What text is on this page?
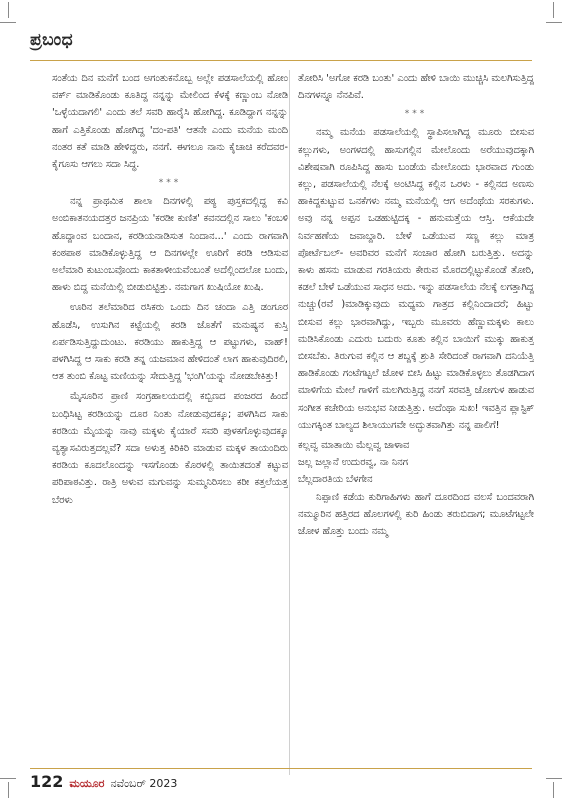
ಪ್ರಬಂಧ

ಸಂತೆಯ ದಿನ ಮನೆಗೆ ಬಂದ ಅಗಂತುಕನೊಬ್ಬ ಅಲ್ಲೇ ಪಡಸಾಲೆಯಲ್ಲಿ ಹೋಂ ವರ್ಕ್ ಮಾಡಿಕೊಂಡು ಕೂತಿದ್ದ ನನ್ನನ್ನು ಮೇಲಿಂದ ಕೆಳಕ್ಕೆ ಕಣ್ಣುಂಬ ನೋಡಿ 'ಒಳ್ಳೆಯದಾಗಲಿ' ಎಂದು ತಲೆ ಸವರಿ ಹಾರೈಸಿ ಹೋಗಿದ್ದ. ಕೂಡಿದ್ದಾಗ ನನ್ನನ್ನು ಹಾಗೆ ಎತ್ತಿಕೊಂಡು ಹೋಗಿದ್ದ 'ದಂ-ಪತಿ' ಆತನೇ ಎಂದು ಮನೆಯ ಮಂದಿ ನಂತರ ಕತೆ ಮಾಡಿ ಹೇಳಿದ್ದರು, ನನಗೆ. ಈಗಲೂ ನಾನು ಕೈಚಾಚಿ ಕರೆದವರ- ಕೈಗೂಸು ಆಗಲು ಸದಾ ಸಿದ್ಧ.

***

ನನ್ನ ಪ್ರಾಥಮಿಕ ಶಾಲಾ ದಿನಗಳಲ್ಲಿ ಪಠ್ಯ ಪುಸ್ತಕದಲ್ಲಿದ್ದ ಕವಿ ಅಂಬಿಕಾತನಯದತ್ತರ ಜನಪ್ರಿಯ 'ಕರಡೀ ಕುಣಿತ' ಕವನದಲ್ಲಿನ ಸಾಲು 'ಕಂಬಳಿ ಹೊದ್ದಾಂವ ಬಂದಾನ, ಕರಡಿಯನಾಡಿಸುತ ನಿಂದಾನ...' ಎಂದು ರಾಗವಾಗಿ ಕಂಠಪಾಠ ಮಾಡಿಕೊಳ್ಳುತ್ತಿದ್ದ ಆ ದಿನಗಳಲ್ಲೇ ಊರಿಗೆ ಕರಡಿ ಆಡಿಸುವ ಅಲೆಮಾರಿ ಕುಟುಂಬವೊಂದು ಕಾಕತಾಳೀಯವೆಂಬಂತೆ ಅದೆಲ್ಲಿಂದಲೋ ಬಂದು, ಹಾಳು ಬಿದ್ದ ಮನೆಯಿಲ್ಲಿ ಬೀಡುಬಿಟ್ಟಿತ್ತು. ನಮಗಾಗ ಖುಷಿಯೋ ಖುಷಿ.

ಊರಿನ ತಲೆಮಾರಿದ ರಸಿಕರು ಒಂದು ದಿನ ಚಂದಾ ಎತ್ತಿ ಡಂಗೂರ ಹೊಡೆಸಿ, ಉಸುಗಿನ ಕಟ್ಟೆಯಲ್ಲಿ ಕರಡಿ ಜೊತೆಗೆ ಮನುಷ್ಯನ ಕುಸ್ತಿ ಏರ್ಪಡಿಸುತ್ತಿದ್ದುದುಂಟು. ಕರಡಿಯು ಹಾಕುತ್ತಿದ್ದ ಆ ಪಟ್ಟುಗಳು, ವಾಹ್! ಪಳಗಿಸಿದ್ದ ಆ ಸಾಕು ಕರಡಿ ತನ್ನ ಯಜಮಾನ ಹೇಳಿದಂತೆ ಲಾಗ ಹಾಕುವುದಿರಲಿ, ಆತ ತುಂಬಿ ಕೊಟ್ಟ ಮಣಿಯನ್ನು ಸೇದುತ್ತಿದ್ದ 'ಭಂಗಿ'ಯನ್ನು ನೋಡಬೇಕಿತ್ತು!

ಮೈಸೂರಿನ ಪ್ರಾಣಿ ಸಂಗ್ರಹಾಲಯದಲ್ಲಿ ಕಬ್ಬಿಣದ ಪಂಜರದ ಹಿಂದೆ ಬಂಧಿಸಿಟ್ಟ ಕರಡಿಯನ್ನು ದೂರ ನಿಂತು ನೋಡುವುದಕ್ಕೂ; ಪಳಗಿಸಿದ ಸಾಕು ಕರಡಿಯ ಮೈಯನ್ನು ನಾವು ಮಕ್ಕಳು ಕೈಯಾರೆ ಸವರಿ ಪುಳಕಗೊಳ್ಳುವುದಕ್ಕೂ ವ್ಯತ್ಯಾಸವಿರುತ್ತದಲ್ಲವೆ? ಸದಾ ಅಳುತ್ತ ಕಿರಿಕಿರಿ ಮಾಡುವ ಮಕ್ಕಳ ತಾಯಂದಿರು ಕರಡಿಯ ಕೂದಲೊಂದನ್ನು ಇಸಗೊಂಡು ಕೊರಳಲ್ಲಿ ತಾಯಿತದಂತೆ ಕಟ್ಟುವ ಪರಿಪಾಠವಿತ್ತು. ರಾತ್ರಿ ಅಳುವ ಮಗುವನ್ನು ಸುಮ್ಮನಿರಿಸಲು ಕರೀ ಕತ್ತಲೆಯತ್ತ ಬೆರಳು

ತೋರಿಸಿ 'ಅಗೋ ಕರಡಿ ಬಂತು' ಎಂದು ಹೇಳಿ ಬಾಯಿ ಮುಚ್ಚಿಸಿ ಮಲಗಿಸುತ್ತಿದ್ದ ದಿನಗಳನ್ನೂ ನೆನಪಿವೆ.

***

ನಮ್ಮ ಮನೆಯ ಪಡಸಾಲೆಯಲ್ಲಿ ಸ್ಥಾಪಿಸಲಾಗಿದ್ದ ಮೂರು ಬೀಸುವ ಕಲ್ಲುಗಳು, ಅಂಗಳದಲ್ಲಿ ಹಾಸುಗಲ್ಲಿನ ಮೇಲೊಂದು ಅರೆಯುವುದಕ್ಕಾಗಿ ವಿಶೇಷವಾಗಿ ರೂಪಿಸಿದ್ದ ಹಾಸು ಬಂಡೆಯ ಮೇಲೊಂದು ಭಾರವಾದ ಗುಂಡು ಕಲ್ಲು, ಪಡಸಾಲೆಯಲ್ಲಿ ನೆಲಕ್ಕೆ ಅಂಟಿಸಿದ್ದ ಕಲ್ಲಿನ ಒರಳು - ಕಲ್ಲಿನದ ಅಣಸು ಹಾಕಿದ್ದಕುಟ್ಟುವ ಒನಕೆಗಳು ನಮ್ಮ ಮನೆಯಲ್ಲಿ ಆಗ ಅದೆಂಥೆಯ ಸರಕುಗಳು. ಅವು ನನ್ನ ಅಪ್ಪನ ಒಡಹುಟ್ಟಿದಕ್ಕ - ಹನುಮತ್ತೆಯ ಆಸ್ತಿ. ಆಕೆಯದೇ ನಿರ್ವಹಣೆಯ ಜವಾಬ್ದಾರಿ. ಬೇಳೆ ಒಡೆಯುವ ಸಣ್ಣ ಕಲ್ಲು ಮಾತ್ರ ಪೋರ್ಟೆಬಲ್- ಅವರಿವರ ಮನೆಗೆ ಸಂಚಾರ ಹೋಗಿ ಬರುತ್ತಿತ್ತು. ಅದನ್ನು ಕಾಳು ಹಸನು ಮಾಡುವ ಗರತಿಯರು ಕೇರುವ ಮೊರದಲ್ಲಿಟ್ಟುಕೊಂಡೆ ತೋರಿ, ಕಡಲೆ ಬೇಳೆ ಒಡೆಯುವ ಸಾಧನ ಅದು. ಇನ್ನು ಪಡಸಾಲೆಯ ನೆಲಕ್ಕೆ ಲಗತ್ತಾಗಿದ್ದ ನುಚ್ಚು(ರವೆ )ಮಾಡಿಕ್ಕುವುದು ಮಧ್ಯಮ ಗಾತ್ರದ ಕಲ್ಲಿನಿಂದಾದರೆ; ಹಿಟ್ಟು ಬೀಸುವ ಕಲ್ಲು ಭಾರವಾಗಿದ್ದು, ಇಬ್ಬರು ಮೂವರು ಹೆಣ್ಣುಮಕ್ಕಳು ಕಾಲು ಮಡಿಸಿಕೊಂಡು ಎದುರು ಬದುರು ಕೂತು ಕಲ್ಲಿನ ಬಾಯಿಗೆ ಮುಕ್ಕು ಹಾಕುತ್ತ ಬೀಸಬೆಕು. ತಿರುಗುವ ಕಲ್ಲಿನ ಆ ಶಬ್ದಕ್ಕೆ ಶ್ರುತಿ ಸೇರಿದಂತೆ ರಾಗವಾಗಿ ದನಿಯೆತ್ತಿ ಹಾಡಿಕೊಂಡು ಗಂಟೆಗಟ್ಟಲೆ ಜೋಳ ಬೀಸಿ ಹಿಟ್ಟು ಮಾಡಿಕೊಳ್ಳಲು ತೊಡಗಿದಾಗ ಮಾಳಿಗೆಯ ಮೇಲೆ ಗಾಳಿಗೆ ಮಲಗಿರುತ್ತಿದ್ದ ನನಗೆ ಸರವತ್ತಿ ಜೋಗುಳ ಹಾಡುವ ಸಂಗೀತ ಕಚೇರಿಯ ಅನುಭವ ನೀಡುತ್ತಿತ್ತು. ಅದೆಂಥಾ ಸುಖ! ಇವತ್ತಿನ ಪ್ಲಾಸ್ಟಿಕ್ ಯುಗಕ್ಕಿಂತ ಬಾಲ್ಯದ ಶಿಲಾಯುಗವೇ ಅದ್ಭುತವಾಗಿತ್ತು ನನ್ನ ಪಾಲಿಗೆ!

ಕಲ್ಲವ್ವ ಮಾತಾಯಿ ಮೆಲ್ಲವ್ವ ಜಾಳಾವ
ಜಲ್ಲ ಜಲ್ಲಾನೆ ಉದುರವ್ವ, ನಾ ನಿನಗ
ಬೆಲ್ಲದಾರತಿಯ ಬೆಳಗೇನ

ನಿಪ್ಪಾಣಿ ಕಡೆಯ ಕುರಿಗಾಹಿಗಳು ಹಾಗೆ ದೂರದಿಂದ ವಲಸೆ ಬಂದವರಾಗಿ ನಮ್ಮೂರಿನ ಹತ್ತಿರದ ಹೊಲಗಳಲ್ಲಿ ಕುರಿ ಹಿಂಡು ತರುಬಿದಾಗ; ಮೂಟೆಗಟ್ಟಲೇ ಜೋಳ ಹೊತ್ತು ಬಂದು ನಮ್ಮ

122 ಮಯೂರ ನವೆಂಬರ್ 2023
